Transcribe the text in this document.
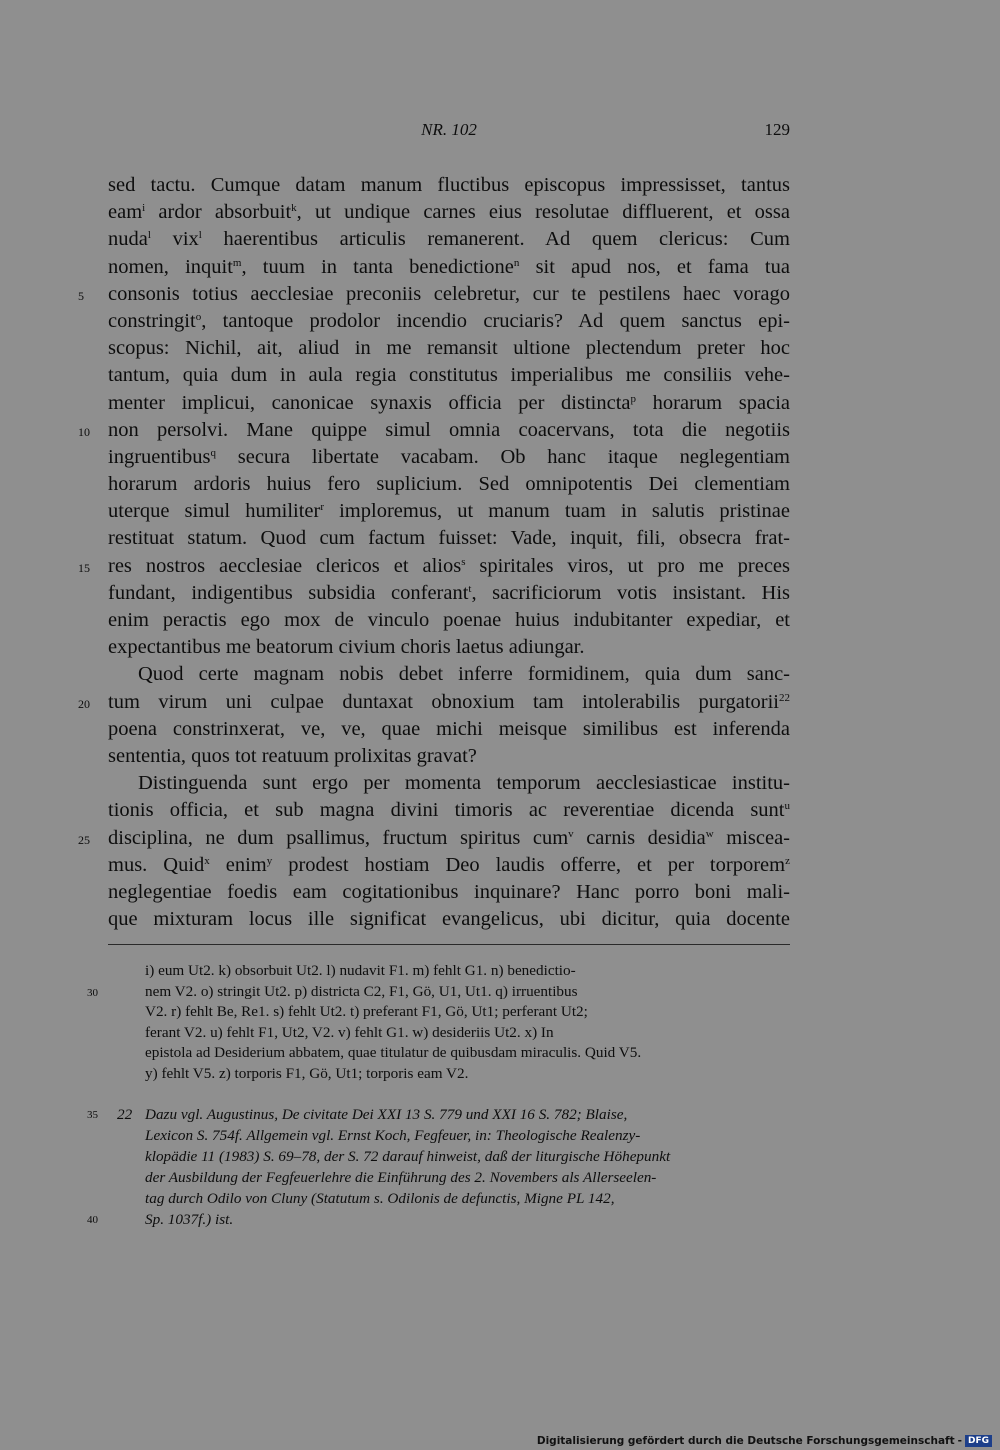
NR. 102	129
sed tactu. Cumque datam manum fluctibus episcopus impressisset, tantus
eam$^i$ ardor absorbuit$^k$, ut undique carnes eius resolutae diffluerent, et ossa
nuda$^l$ vix$^l$ haerentibus articulis remanerent. Ad quem clericus: Cum
nomen, inquit$^m$, tuum in tanta benedictione$^n$ sit apud nos, et fama tua
5	consonis totius aecclesiae preconiis celebretur, cur te pestilens haec vorago
constringit$^o$, tantoque prodolor incendio cruciaris? Ad quem sanctus epi-
scopus: Nichil, ait, aliud in me remansit ultione plectendum preter hoc
tantum, quia dum in aula regia constitutus imperialibus me consiliis vehe-
menter implicui, canonicae synaxis officia per distincta$^p$ horarum spacia
10 non persolvi. Mane quippe simul omnia coacervans, tota die negotiis
ingruentibus$^q$ secura libertate vacabam. Ob hanc itaque neglegentiam
horarum ardoris huius fero suplicium. Sed omnipotentis Dei clementiam
uterque simul humiliter$^r$ imploremus, ut manum tuam in salutis pristinae
restituat statum. Quod cum factum fuisset: Vade, inquit, fili, obsecra frat-
15 res nostros aecclesiae clericos et alios$^s$ spiritales viros, ut pro me preces
fundant, indigentibus subsidia conferant$^t$, sacrificiorum votis insistant. His
enim peractis ego mox de vinculo poenae huius indubitanter expediar, et
expectantibus me beatorum civium choris laetus adiungar.
Quod certe magnam nobis debet inferre formidinem, quia dum sanc-
20 tum virum uni culpae duntaxat obnoxium tam intolerabilis purgatorii$^{22}$
poena constrinxerat, ve, ve, quae michi meisque similibus est inferenda
sententia, quos tot reatuum prolixitas gravat?
Distinguenda sunt ergo per momenta temporum aecclesiasticae institu-
tionis officia, et sub magna divini timoris ac reverentiae dicenda sunt$^u$
25 disciplina, ne dum psallimus, fructum spiritus cum$^v$ carnis desidia$^w$ miscea-
mus. Quid$^x$ enim$^y$ prodest hostiam Deo laudis offerre, et per torporem$^z$
neglegentiae foedis eam cogitationibus inquinare? Hanc porro boni mali-
que mixturam locus ille significat evangelicus, ubi dicitur, quia docente
i) eum Ut2. k) obsorbuit Ut2. l) nudavit F1. m) fehlt G1. n) benedictio-
30	nem V2. o) stringit Ut2. p) districta C2, F1, Gö, U1, Ut1. q) irruentibus
V2. r) fehlt Be, Re1. s) fehlt Ut2. t) preferant F1, Gö, Ut1; perferant Ut2;
ferant V2. u) fehlt F1, Ut2, V2. v) fehlt G1. w) desideriis Ut2. x) In
epistola ad Desiderium abbatem, quae titulatur de quibusdam miraculis. Quid V5.
y) fehlt V5. z) torporis F1, Gö, Ut1; torporis eam V2.
35 22 Dazu vgl. Augustinus, De civitate Dei XXI 13 S. 779 und XXI 16 S. 782; Blaise,
Lexicon S. 754f. Allgemein vgl. Ernst Koch, Fegfeuer, in: Theologische Realenzy-
klopädie 11 (1983) S. 69–78, der S. 72 darauf hinweist, daß der liturgische Höhepunkt
der Ausbildung der Fegfeuerlehre die Einführung des 2. Novembers als Allerseelen-
tag durch Odilo von Cluny (Statutum s. Odilonis de defunctis, Migne PL 142,
40	Sp. 1037f.) ist.
Digitalisierung gefördert durch die Deutsche Forschungsgemeinschaft - DFG
